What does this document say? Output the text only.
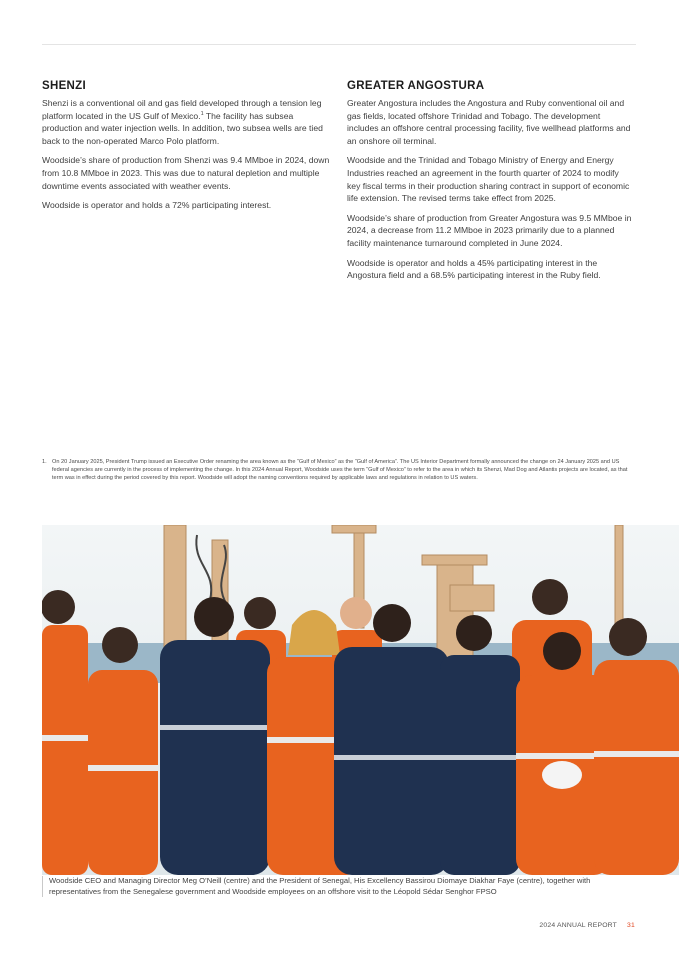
SHENZI

Shenzi is a conventional oil and gas field developed through a tension leg platform located in the US Gulf of Mexico.$^1$ The facility has subsea production and water injection wells. In addition, two subsea wells are tied back to the non-operated Marco Polo platform.

Woodside’s share of production from Shenzi was 9.4 MMboe in 2024, down from 10.8 MMboe in 2023. This was due to natural depletion and multiple downtime events associated with weather events.

Woodside is operator and holds a 72% participating interest.

GREATER ANGOSTURA

Greater Angostura includes the Angostura and Ruby conventional oil and gas fields, located offshore Trinidad and Tobago. The development includes an offshore central processing facility, five wellhead platforms and an onshore oil terminal.

Woodside and the Trinidad and Tobago Ministry of Energy and Energy Industries reached an agreement in the fourth quarter of 2024 to modify key fiscal terms in their production sharing contract in support of economic life extension. The revised terms take effect from 2025.

Woodside’s share of production from Greater Angostura was 9.5 MMboe in 2024, a decrease from 11.2 MMboe in 2023 primarily due to a planned facility maintenance turnaround completed in June 2024.

Woodside is operator and holds a 45% participating interest in the Angostura field and a 68.5% participating interest in the Ruby field.

1. On 20 January 2025, President Trump issued an Executive Order renaming the area known as the “Gulf of Mexico” as the “Gulf of America”. The US Interior Department formally announced the change on 24 January 2025 and US federal agencies are currently in the process of implementing the change. In this 2024 Annual Report, Woodside uses the term “Gulf of Mexico” to refer to the area in which its Shenzi, Mad Dog and Atlantis projects are located, as that term was in effect during the period covered by this report. Woodside will adopt the naming conventions required by applicable laws and regulations in relation to US waters.
Woodside CEO and Managing Director Meg O’Neill (centre) and the President of Senegal, His Excellency Bassirou Diomaye Diakhar Faye (centre), together with representatives from the Senegalese government and Woodside employees on an offshore visit to the Léopold Sédar Senghor FPSO
2024 ANNUAL REPORT 31
